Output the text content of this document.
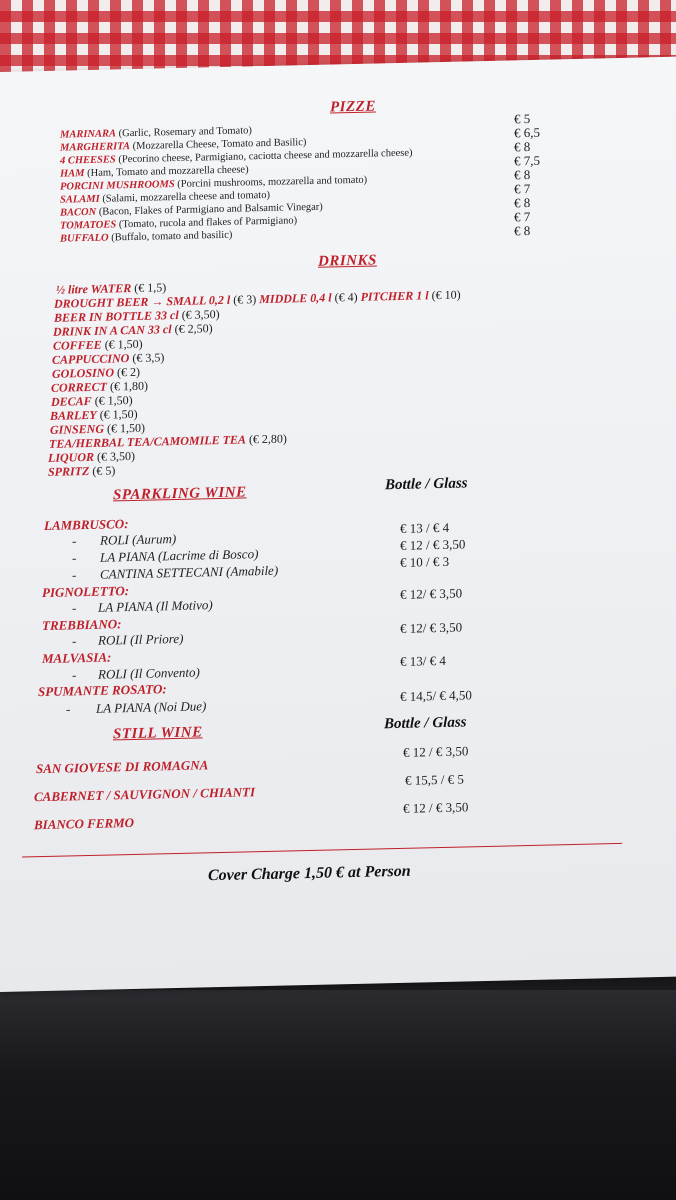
PIZZE
MARINARA (Garlic, Rosemary and Tomato)
MARGHERITA (Mozzarella Cheese, Tomato and Basilic)
4 CHEESES (Pecorino cheese, Parmigiano, caciotta cheese and mozzarella cheese)
HAM (Ham, Tomato and mozzarella cheese)
PORCINI MUSHROOMS (Porcini mushrooms, mozzarella and tomato)
SALAMI (Salami, mozzarella cheese and tomato)
BACON (Bacon, Flakes of Parmigiano and Balsamic Vinegar)
TOMATOES (Tomato, rucola and flakes of Parmigiano)
BUFFALO (Buffalo, tomato and basilic)
€ 5
€ 6,5
€ 8
€ 7,5
€ 8
€ 7
€ 8
€ 7
€ 8
DRINKS
½ litre WATER (€ 1,5)
DROUGHT BEER → SMALL 0,2 l (€ 3) MIDDLE 0,4 l (€ 4) PITCHER 1 l (€ 10)
BEER IN BOTTLE 33 cl (€ 3,50)
DRINK IN A CAN 33 cl (€ 2,50)
COFFEE (€ 1,50)
CAPPUCCINO (€ 3,5)
GOLOSINO (€ 2)
CORRECT (€ 1,80)
DECAF (€ 1,50)
BARLEY (€ 1,50)
GINSENG (€ 1,50)
TEA/HERBAL TEA/CAMOMILE TEA (€ 2,80)
LIQUOR (€ 3,50)
SPRITZ (€ 5)
SPARKLING WINE
Bottle / Glass
LAMBRUSCO:
- ROLI (Aurum)
€ 13 / € 4
- LA PIANA (Lacrime di Bosco)
€ 12 / € 3,50
- CANTINA SETTECANI (Amabile)
€ 10 / € 3
PIGNOLETTO:
- LA PIANA (Il Motivo)
€ 12/ € 3,50
TREBBIANO:
- ROLI (Il Priore)
€ 12/ € 3,50
MALVASIA:
- ROLI (Il Convento)
€ 13/ € 4
SPUMANTE ROSATO:
- LA PIANA (Noi Due)
€ 14,5/ € 4,50
STILL WINE
Bottle / Glass
SAN GIOVESE DI ROMAGNA
€ 12 / € 3,50
CABERNET / SAUVIGNON / CHIANTI
€ 15,5 / € 5
BIANCO FERMO
€ 12 / € 3,50
Cover Charge 1,50 € at Person
